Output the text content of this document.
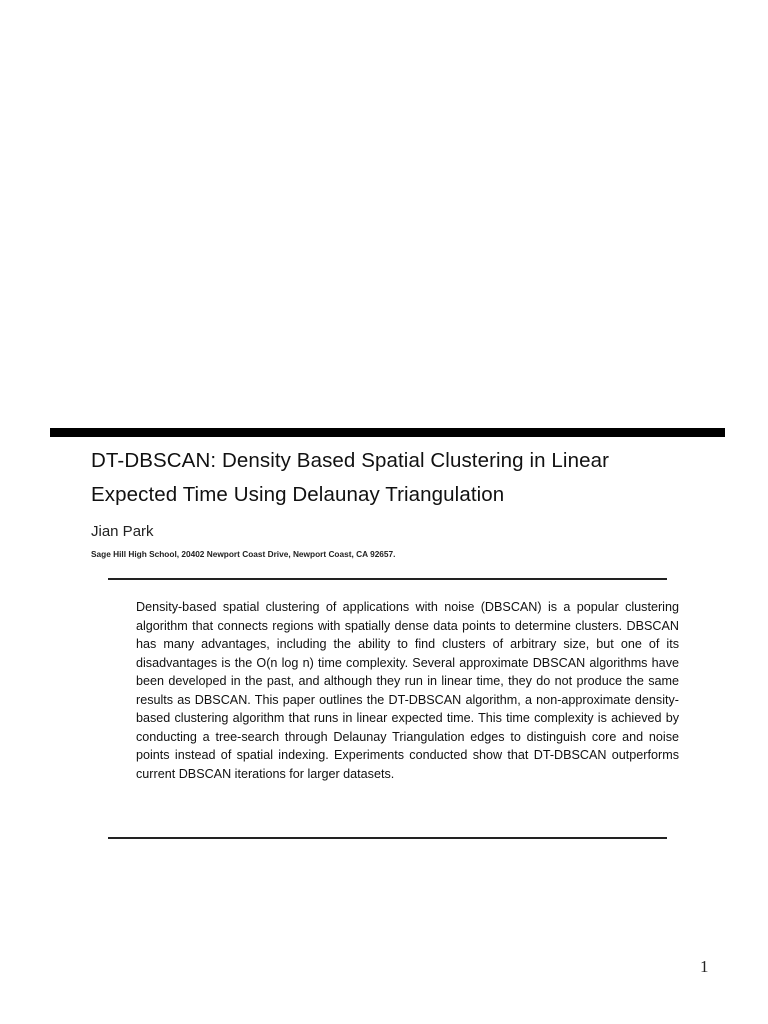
DT-DBSCAN: Density Based Spatial Clustering in Linear
Expected Time Using Delaunay Triangulation
Jian Park
Sage Hill High School, 20402 Newport Coast Drive, Newport Coast, CA 92657.

Density-based spatial clustering of applications with noise (DBSCAN) is a popular clustering algorithm that connects regions with spatially dense data points to determine clusters. DBSCAN has many advantages, including the ability to find clusters of arbitrary size, but one of its disadvantages is the O(n log n) time complexity. Several approximate DBSCAN algorithms have been developed in the past, and although they run in linear time, they do not produce the same results as DBSCAN. This paper outlines the DT-DBSCAN algorithm, a non-approximate density-based clustering algorithm that runs in linear expected time. This time complexity is achieved by conducting a tree-search through Delaunay Triangulation edges to distinguish core and noise points instead of spatial indexing. Experiments conducted show that DT-DBSCAN outperforms current DBSCAN iterations for larger datasets.

1
